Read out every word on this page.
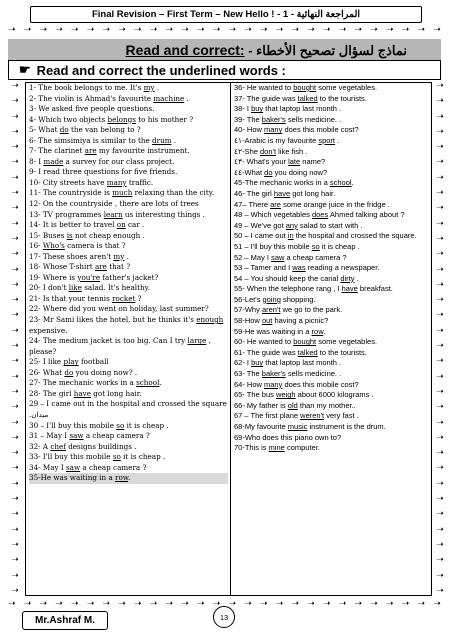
➝ ➝ ➝ ➝ ➝ ➝ ➝ ➝ ➝ ➝ ➝ ➝ ➝ ➝ ➝ ➝ ➝ ➝ ➝ ➝ ➝ ➝ ➝ ➝ ➝ ➝ ➝ ➝
➝
➝
➝
➝
➝
➝
➝
➝
➝
➝
➝
➝
➝
➝
➝
➝
➝
➝
➝
➝
➝
➝
➝
➝
➝
➝
➝
➝
➝
➝
➝
➝
➝
➝
➝
➝
➝
➝
➝
➝
➝
➝
➝
➝
➝
➝
➝
➝
➝
➝
➝
➝
➝
➝
➝
➝
➝
➝
➝
➝
➝
➝
➝
➝
➝
➝
➝
➝
➝ ➝ ➝ ➝ ➝ ➝ ➝ ➝ ➝ ➝ ➝ ➝ ➝ ➝ ➝ ➝ ➝ ➝ ➝ ➝ ➝ ➝ ➝ ➝ ➝ ➝ ➝ ➝
Final Revision – First Term – New Hello ! - 1 - المراجعة النهائية
Read and correct: - نماذج لسؤال تصحيح الأخطاء
☛ Read and correct the underlined words :
1- The book belongs to me. It's my .
2- The violin is Ahmad's favourite machine .
3- We asked five people questions.
4- Which two objects belongs to his mother ?
5- What do the van belong to ?
6- The simsimiya is similar to the drum .
7- The clarinet are my favourite instrument.
8- I made a survey for our class project.
9- I read three questions for five friends.
10- City streets have many traffic.
11- The countryside is much relaxing than the city.
12- On the countryside , there are lots of trees
13- TV programmes learn us interesting things .
14- It is better to travel on car .
15- Buses is not cheap enough .
16- Who's camera is that ?
17- These shoes aren't my .
18- Whose T-shirt are that ?
19- Where is you're father's jacket?
20- I don't like salad. It's healthy.
21- Is that your tennis rocket ?
22- Where did you went on holiday, last summer?
23- Mr Sami likes the hotel, but he thinks it's enough expensive.
24- The medium jacket is too big. Can I try large , please?
25- I like play football
26- What do you doing now? .
27- The mechanic works in a school.
28- The girl have got long hair.
29 – I came out in the hospital and crossed the square .ميدان
30 – I'll buy this mobile so it is cheap .
31 – May I saw a cheap camera ?
32- A chef designs buildings .
33- I'll buy this mobile so it is cheap .
34- May I saw a cheap camera ?
35-He was waiting in a row.
36- He wanted to bought some vegetables.
37- The guide was talked to the tourists.
38- I buy that laptop last month .
39- The baker's sells medicine. .
40- How many does this mobile cost?
٤١-Arabic is my favourite sport .
٤٢-She don't like fish .
٤٣- What's your late name?
٤٤-What do you doing now?
45-The mechanic works in a school.
46- The girl have got long hair.
47– There are some orange juice in the fridge .
48 – Which vegetables does Ahmed talking about ?
49 – We've got any salad to start with .
50 – I came out in the hospital and crossed the square.
51 – I'll buy this mobile so it is cheap .
52 – May I saw a cheap camera ?
53 – Tamer and I was reading a newspaper.
54 – You should keep the canal dirty .
55- When the telephone rang , I have breakfast.
56-Let's going shopping.
57-Why aren't we go to the park.
58-How out having a picnic?
59-He was waiting in a row.
60- He wanted to bought some vegetables.
61- The guide was talked to the tourists.
62- I buy that laptop last month .
63- The baker's sells medicine. .
64- How many does this mobile cost?
65- The bus weigh about 6000 kilograms .
66- My father is old than my mother..
67 – The first plane weren't very fast .
68-My favourite music instrument is the drum.
69-Who does this piano own to?
70-This is mine computer.
Mr.Ashraf M.	13
